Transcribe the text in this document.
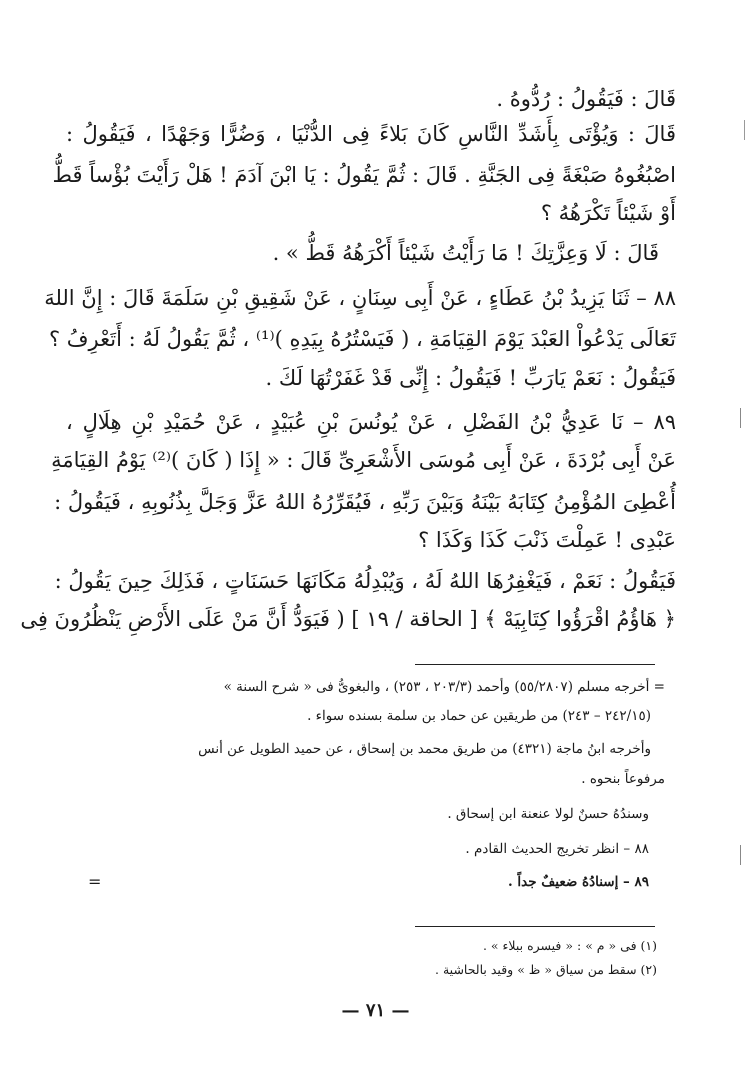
قَالَ : فَيَقُولُ : رُدُّوهُ .
قَالَ : وَيُؤْتَى بِأَشَدِّ النَّاسِ كَانَ بَلاءً فِى الدُّنْيَا ، وَضُرًّا وَجَهْدًا ، فَيَقُولُ :
اصْبُغُوهُ صَبْغَةً فِى الجَنَّةِ . قَالَ : ثُمَّ يَقُولُ : يَا ابْنَ آدَمَ ! هَلْ رَأَيْتَ بُؤْساً قَطُّ
أَوْ شَيْئاً تَكْرَهُهُ ؟
قَالَ : لَا وَعِزَّتِكَ ! مَا رَأَيْتُ شَيْئاً أَكْرَهُهُ قَطُّ » .
٨٨ – ثَنَا يَزِيدُ بْنُ عَطَاءٍ ، عَنْ أَبِى سِنَانٍ ، عَنْ شَقِيقِ بْنِ سَلَمَةَ قَالَ : إِنَّ اللهَ
تَعَالَى يَدْعُواْ العَبْدَ يَوْمَ القِيَامَةِ ، ( فَيَسْتُرُهُ بِيَدِهِ )⁽¹⁾ ، ثُمَّ يَقُولُ لَهُ : أَتَعْرِفُ ؟
فَيَقُولُ : نَعَمْ يَارَبِّ ! فَيَقُولُ : إِنِّى قَدْ غَفَرْتُهَا لَكَ .
٨٩ – نَا عَدِيُّ بْنُ الفَضْلِ ، عَنْ يُونُسَ بْنِ عُبَيْدٍ ، عَنْ حُمَيْدِ بْنِ هِلَالٍ ،
عَنْ أَبِى بُرْدَةَ ، عَنْ أَبِى مُوسَى الأَشْعَرِىِّ قَالَ : « إِذَا ( كَانَ )⁽²⁾ يَوْمُ القِيَامَةِ
أُعْطِىَ المُؤْمِنُ كِتَابَهُ بَيْنَهُ وَبَيْنَ رَبِّهِ ، فَيُقَرِّرُهُ اللهُ عَزَّ وَجَلَّ بِذُنُوبِهِ ، فَيَقُولُ :
عَبْدِى ! عَمِلْتَ ذَنْبَ كَذَا وَكَذَا ؟
فَيَقُولُ : نَعَمْ ، فَيَغْفِرُهَا اللهُ لَهُ ، وَيُبْدِلُهُ مَكَانَهَا حَسَنَاتٍ ، فَذَلِكَ حِينَ يَقُولُ :
﴿ هَاؤُمُ اقْرَؤُوا كِتَابِيَهْ ﴾ [ الحاقة / ١٩ ] ( فَيَوَدُّ أَنَّ مَنْ عَلَى الأَرْضِ يَنْظُرُونَ فِى
= أخرجه مسلم (٥٥/٢٨٠٧) وأحمد (٢٠٣/٣ ، ٢٥٣) ، والبغوىُّ فى « شرح السنة »
(٢٤٢/١٥ – ٢٤٣) من طريقين عن حماد بن سلمة بسنده سواء .
وأخرجه ابنُ ماجة (٤٣٢١) من طريق محمد بن إسحاق ، عن حميد الطويل عن أنس
مرفوعاً بنحوه .
وسندُهُ حسنٌ لولا عنعنة ابن إسحاق .
٨٨ – انظر تخريج الحديث القادم .
٨٩ – إسنادُهُ ضعيفٌ جداً .
=
(١) فى « م » : « فيسره ببلاء » .
(٢) سقط من سياق « ظ » وقيد بالحاشية .
— ٧١ —
